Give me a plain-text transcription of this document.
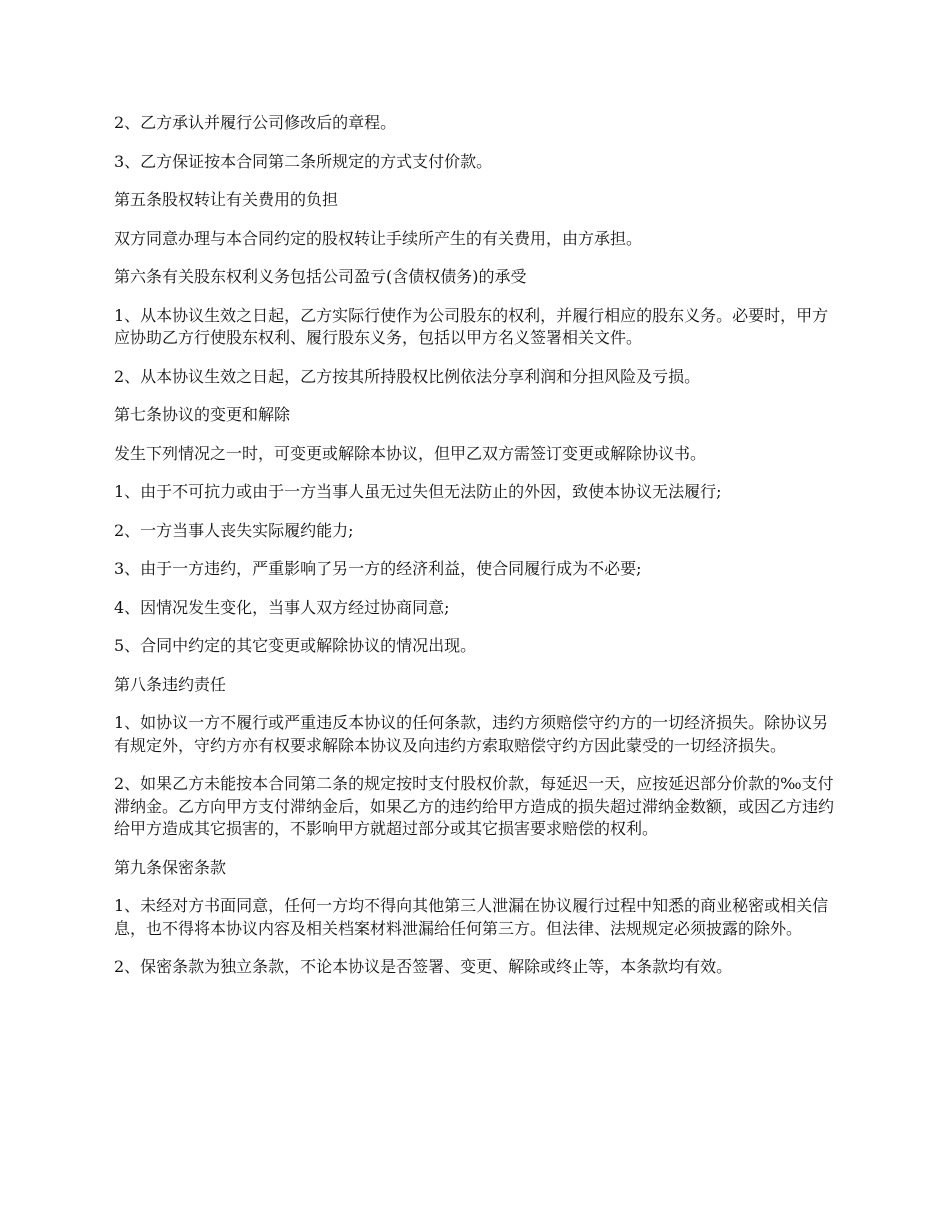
2、乙方承认并履行公司修改后的章程。

3、乙方保证按本合同第二条所规定的方式支付价款。

第五条股权转让有关费用的负担

双方同意办理与本合同约定的股权转让手续所产生的有关费用，由方承担。

第六条有关股东权利义务包括公司盈亏(含债权债务)的承受

1、从本协议生效之日起，乙方实际行使作为公司股东的权利，并履行相应的股东义务。必要时，甲方应协助乙方行使股东权利、履行股东义务，包括以甲方名义签署相关文件。

2、从本协议生效之日起，乙方按其所持股权比例依法分享利润和分担风险及亏损。

第七条协议的变更和解除

发生下列情况之一时，可变更或解除本协议，但甲乙双方需签订变更或解除协议书。

1、由于不可抗力或由于一方当事人虽无过失但无法防止的外因，致使本协议无法履行;

2、一方当事人丧失实际履约能力;

3、由于一方违约，严重影响了另一方的经济利益，使合同履行成为不必要;

4、因情况发生变化，当事人双方经过协商同意;

5、合同中约定的其它变更或解除协议的情况出现。

第八条违约责任

1、如协议一方不履行或严重违反本协议的任何条款，违约方须赔偿守约方的一切经济损失。除协议另有规定外，守约方亦有权要求解除本协议及向违约方索取赔偿守约方因此蒙受的一切经济损失。

2、如果乙方未能按本合同第二条的规定按时支付股权价款，每延迟一天，应按延迟部分价款的‰支付滞纳金。乙方向甲方支付滞纳金后，如果乙方的违约给甲方造成的损失超过滞纳金数额，或因乙方违约给甲方造成其它损害的，不影响甲方就超过部分或其它损害要求赔偿的权利。

第九条保密条款

1、未经对方书面同意，任何一方均不得向其他第三人泄漏在协议履行过程中知悉的商业秘密或相关信息，也不得将本协议内容及相关档案材料泄漏给任何第三方。但法律、法规规定必须披露的除外。

2、保密条款为独立条款，不论本协议是否签署、变更、解除或终止等，本条款均有效。
